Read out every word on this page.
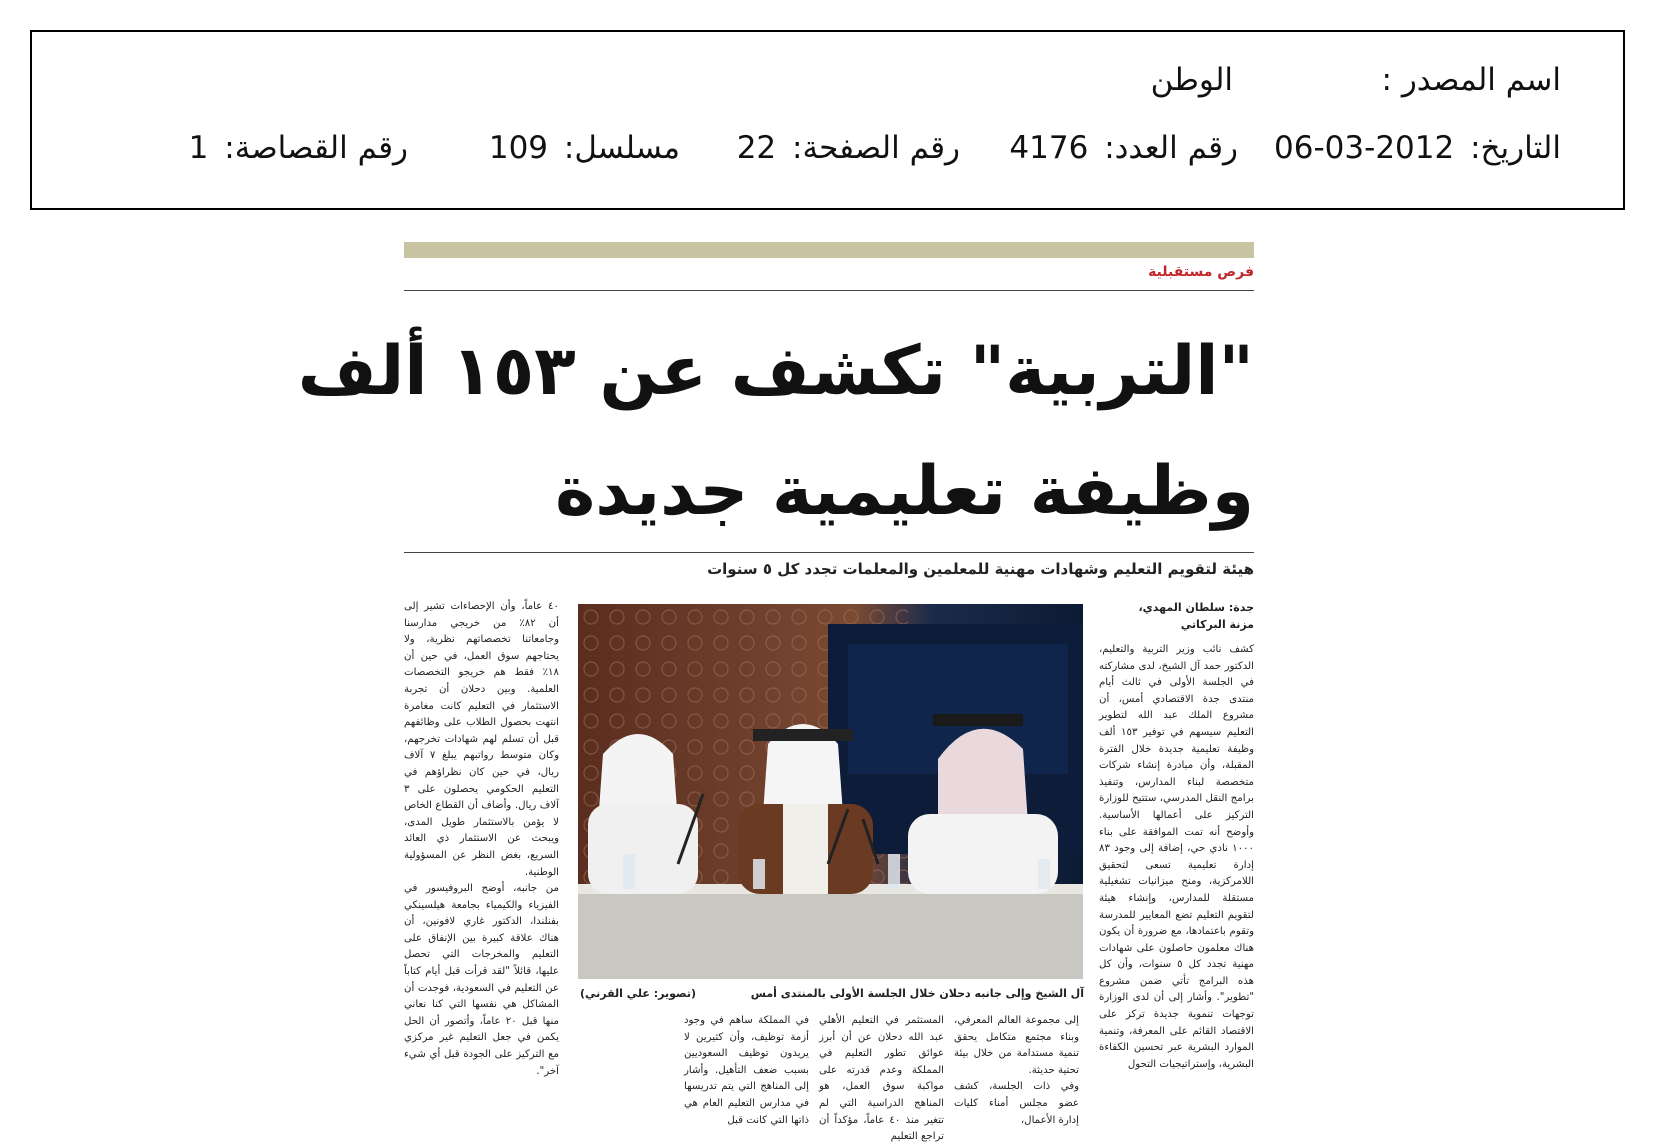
اسم المصدر :
الوطن
التاريخ: 2012-03-06
رقم العدد: 4176
رقم الصفحة: 22
مسلسل: 109
رقم القصاصة: 1
فرص مستقبلية
"التربية" تكشف عن ١٥٣ ألف
وظيفة تعليمية جديدة
هيئة لتقويم التعليم وشهادات مهنية للمعلمين والمعلمات تجدد كل ٥ سنوات
جدة: سلطان المهدي،
مزنة البركاتي
كشف نائب وزير التربية والتعليم، الدكتور حمد آل الشيخ، لدى مشاركته في الجلسة الأولى في ثالث أيام منتدى جدة الاقتصادي أمس، أن مشروع الملك عبد الله لتطوير التعليم سيسهم في توفير ١٥٣ ألف وظيفة تعليمية جديدة خلال الفترة المقبلة، وأن مبادرة إنشاء شركات متخصصة لبناء المدارس، وتنفيذ برامج النقل المدرسي، ستتيح للوزارة التركيز على أعمالها الأساسية. وأوضح أنه تمت الموافقة على بناء ١٠٠٠ نادي حي، إضافة إلى وجود ٨٣ إدارة تعليمية تسعى لتحقيق اللامركزية، ومنح ميزانيات تشغيلية مستقلة للمدارس، وإنشاء هيئة لتقويم التعليم تضع المعايير للمدرسة وتقوم باعتمادها، مع ضرورة أن يكون هناك معلمون حاصلون على شهادات مهنية تجدد كل ٥ سنوات، وأن كل هذه البرامج تأتي ضمن مشروع "تطوير". وأشار إلى أن لدى الوزارة توجهات تنموية جديدة تركز على الاقتصاد القائم على المعرفة، وتنمية الموارد البشرية عبر تحسين الكفاءة البشرية، وإستراتيجيات التحول
٤٠ عاماً، وأن الإحصاءات تشير إلى أن ٨٢٪ من خريجي مدارسنا وجامعاتنا تخصصاتهم نظرية، ولا يحتاجهم سوق العمل، في حين أن ١٨٪ فقط هم خريجو التخصصات العلمية. وبين دحلان أن تجربة الاستثمار في التعليم كانت مغامرة انتهت بحصول الطلاب على وظائفهم قبل أن تسلم لهم شهادات تخرجهم، وكان متوسط رواتبهم يبلغ ٧ آلاف ريال، في حين كان نظراؤهم في التعليم الحكومي يحصلون على ٣ آلاف ريال. وأضاف أن القطاع الخاص لا يؤمن بالاستثمار طويل المدى، ويبحث عن الاستثمار ذي العائد السريع، بغض النظر عن المسؤولية الوطنية.
من جانبه، أوضح البروفيسور في الفيزياء والكيمياء بجامعة هيلسينكي بفنلندا، الدكتور غاري لافونين، أن هناك علاقة كبيرة بين الإنفاق على التعليم والمخرجات التي تحصل عليها، قائلاً "لقد قرأت قبل أيام كتاباً عن التعليم في السعودية، فوجدت أن المشاكل هي نفسها التي كنا نعاني منها قبل ٢٠ عاماً، وأتصور أن الحل يكمن في جعل التعليم غير مركزي مع التركيز على الجودة قبل أي شيء آخر".
آل الشيخ وإلى جانبه دحلان خلال الجلسة الأولى بالمنتدى أمس
(تصوير: علي القرني)
إلى مجموعة العالم المعرفي، وبناء مجتمع متكامل يحقق تنمية مستدامة من خلال بيئة تحتية حديثة.
وفي ذات الجلسة، كشف عضو مجلس أمناء كليات إدارة الأعمال،
المستثمر في التعليم الأهلي عبد الله دحلان عن أن أبرز عوائق تطور التعليم في المملكة وعدم قدرته على مواكبة سوق العمل، هو المناهج الدراسية التي لم تتغير منذ ٤٠ عاماً، مؤكداً أن تراجع التعليم
في المملكة ساهم في وجود أزمة توظيف، وأن كثيرين لا يريدون توظيف السعوديين بسبب ضعف التأهيل. وأشار إلى المناهج التي يتم تدريسها في مدارس التعليم العام هي ذاتها التي كانت قبل
